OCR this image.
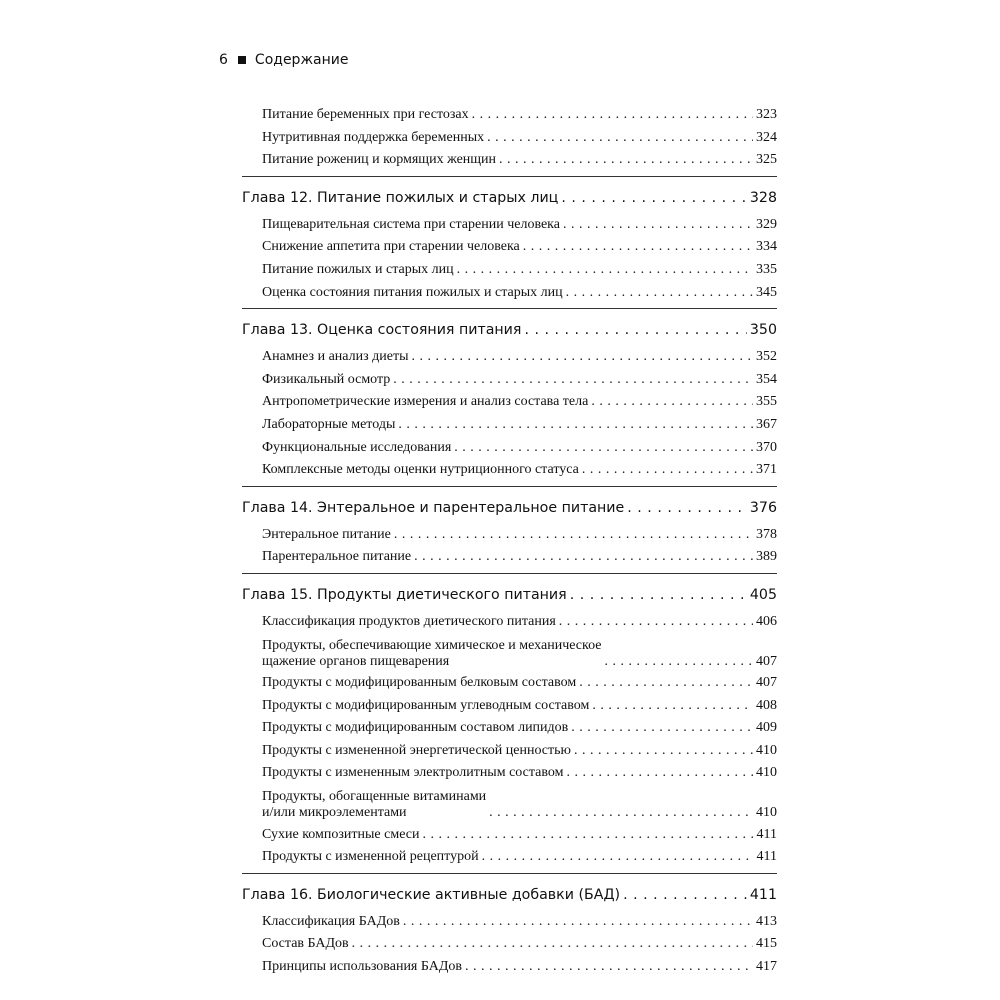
6 Содержание
Питание беременных при гестозах . . .	323
Нутритивная поддержка беременных . . .	324
Питание рожениц и кормящих женщин . . .	325
Глава 12. Питание пожилых и старых лиц . . .	328
Пищеварительная система при старении человека . . .	329
Снижение аппетита при старении человека . . .	334
Питание пожилых и старых лиц . . .	335
Оценка состояния питания пожилых и старых лиц . . .	345
Глава 13. Оценка состояния питания . . .	350
Анамнез и анализ диеты . . .	352
Физикальный осмотр . . .	354
Антропометрические измерения и анализ состава тела . . .	355
Лабораторные методы . . .	367
Функциональные исследования . . .	370
Комплексные методы оценки нутриционного статуса . . .	371
Глава 14. Энтеральное и парентеральное питание . . .	376
Энтеральное питание . . .	378
Парентеральное питание . . .	389
Глава 15. Продукты диетического питания . . .	405
Классификация продуктов диетического питания . . .	406
Продукты, обеспечивающие химическое и механическое
щажение органов пищеварения . . .	407
Продукты с модифицированным белковым составом . . .	407
Продукты с модифицированным углеводным составом . . .	408
Продукты с модифицированным составом липидов . . .	409
Продукты с измененной энергетической ценностью . . .	410
Продукты с измененным электролитным составом . . .	410
Продукты, обогащенные витаминами
и/или микроэлементами . . .	410
Сухие композитные смеси . . .	411
Продукты с измененной рецептурой . . .	411
Глава 16. Биологические активные добавки (БАД) . . .	411
Классификация БАДов . . .	413
Состав БАДов . . .	415
Принципы использования БАДов . . .	417
